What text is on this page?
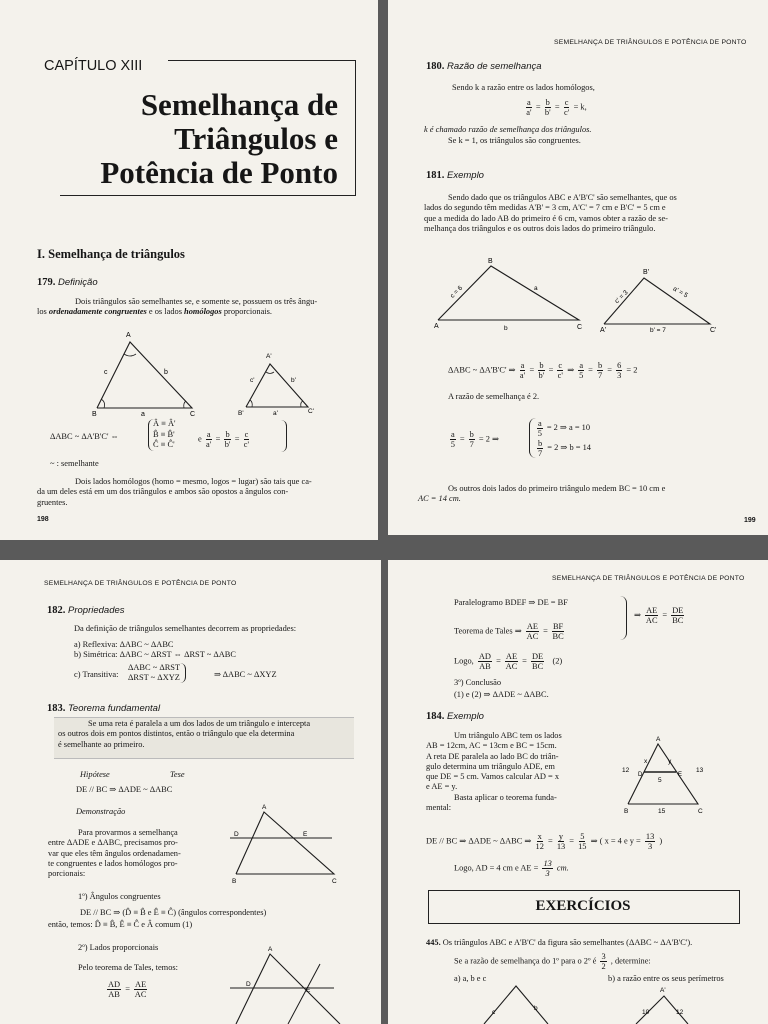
CAPÍTULO XIII
Semelhança de
Triângulos e
Potência de Ponto
I. Semelhança de triângulos
179. Definição
Dois triângulos são semelhantes se, e somente se, possuem os três ângu-
los ordenadamente congruentes e os lados homólogos proporcionais.
A
B	C
a
b
c
A'
B'	C'
a'
b'
c'
ΔABC ~ ΔA'B'C' ⇔
Â ≡ Â'
B̂ ≡ B̂'
Ĉ ≡ Ĉ'
e $\frac{a}{a'} = \frac{b}{b'} = \frac{c}{c'}$
~ : semelhante
Dois lados homólogos (homo = mesmo, logos = lugar) são tais que ca-
da um deles está em um dos triângulos e ambos são opostos a ângulos con-
gruentes.
198
SEMELHANÇA DE TRIÂNGULOS E POTÊNCIA DE PONTO
180. Razão de semelhança
Sendo k a razão entre os lados homólogos,
$\frac{a}{a'} = \frac{b}{b'} = \frac{c}{c'} = k$,
k é chamado razão de semelhança dos triângulos.
Se k = 1, os triângulos são congruentes.
181. Exemplo
Sendo dado que os triângulos ABC e A'B'C' são semelhantes, que os
lados do segundo têm medidas A'B' = 3 cm, A'C' = 7 cm e B'C' = 5 cm e
que a medida do lado AB do primeiro é 6 cm, vamos obter a razão de se-
melhança dos triângulos e os outros dois lados do primeiro triângulo.
A
B
C
c = 6	a
b	A'
B'
C'
c' = 3	a' = 5
b' = 7
ΔABC ~ ΔA'B'C' ⇒ $\frac{a}{a'} = \frac{b}{b'} = \frac{c}{c'}$ ⇒ $\frac{a}{5} = \frac{b}{7} = \frac{6}{3} = 2$
A razão de semelhança é 2.
$\frac{a}{5} = \frac{b}{7} = 2$ ⇒
$\frac{a}{5} = 2$ ⇒ a = 10
$\frac{b}{7} = 2$ ⇒ b = 14
Os outros dois lados do primeiro triângulo medem BC = 10 cm e
AC = 14 cm.
199
SEMELHANÇA DE TRIÂNGULOS E POTÊNCIA DE PONTO
182. Propriedades
Da definição de triângulos semelhantes decorrem as propriedades:
a) Reflexiva: ΔABC ~ ΔABC
b) Simétrica: ΔABC ~ ΔRST ⇔ ΔRST ~ ΔABC
c) Transitiva:
ΔABC ~ ΔRST
ΔRST ~ ΔXYZ	⇒ ΔABC ~ ΔXYZ
183. Teorema fundamental
Se uma reta é paralela a um dos lados de um triângulo e intercepta
os outros dois em pontos distintos, então o triângulo que ela determina
é semelhante ao primeiro.
Hipótese	Tese
DE // BC ⇒ ΔADE ~ ΔABC
Demonstração
Para provarmos a semelhança
entre ΔADE e ΔABC, precisamos pro-
var que eles têm ângulos ordenadamen-
te congruentes e lados homólogos pro-
porcionais:
A
B	C
D	E
1º) Ângulos congruentes
DE // BC ⇒ (D̂ ≡ B̂ e Ê ≡ Ĉ) (ângulos correspondentes)
então, temos: D̂ ≡ B̂, Ê ≡ Ĉ e Â comum (1)
2º) Lados proporcionais
Pelo teorema de Tales, temos:
$\frac{AD}{AB} = \frac{AE}{AC}$
A
D
E
SEMELHANÇA DE TRIÂNGULOS E POTÊNCIA DE PONTO
Paralelogramo BDEF ⇒ DE = BF
Teorema de Tales ⇒ $\frac{AE}{AC} = \frac{BF}{BC}$
⇒ $\frac{AE}{AC} = \frac{DE}{BC}$
Logo, $\frac{AD}{AB} = \frac{AE}{AC} = \frac{DE}{BC} (2)$
3º) Conclusão
(1) e (2) ⇒ ΔADE ~ ΔABC.
184. Exemplo
Um triângulo ABC tem os lados
AB = 12cm, AC = 13cm e BC = 15cm.
A reta DE paralela ao lado BC do triân-
gulo determina um triângulo ADE, em
que DE = 5 cm. Vamos calcular AD = x
e AE = y.
Basta aplicar o teorema funda-
mental:
A
B	C
x	y
12	13
15
5
D	E
DE // BC ⇒ ΔADE ~ ΔABC ⇒ $\frac{x}{12} = \frac{y}{13} = \frac{5}{15}$ ⇒ ( x = 4 e $y = \frac{13}{3}$ )
Logo, AD = 4 cm e AE = $\frac{13}{3}$ cm.
EXERCÍCIOS
445. Os triângulos ABC e A'B'C' da figura são semelhantes (ΔABC ~ ΔA'B'C').
Se a razão de semelhança do 1º para o 2º é $\frac{3}{2}$ , determine:
a) a, b e c	b) a razão entre os seus perímetros
c
b
A'
10	12
